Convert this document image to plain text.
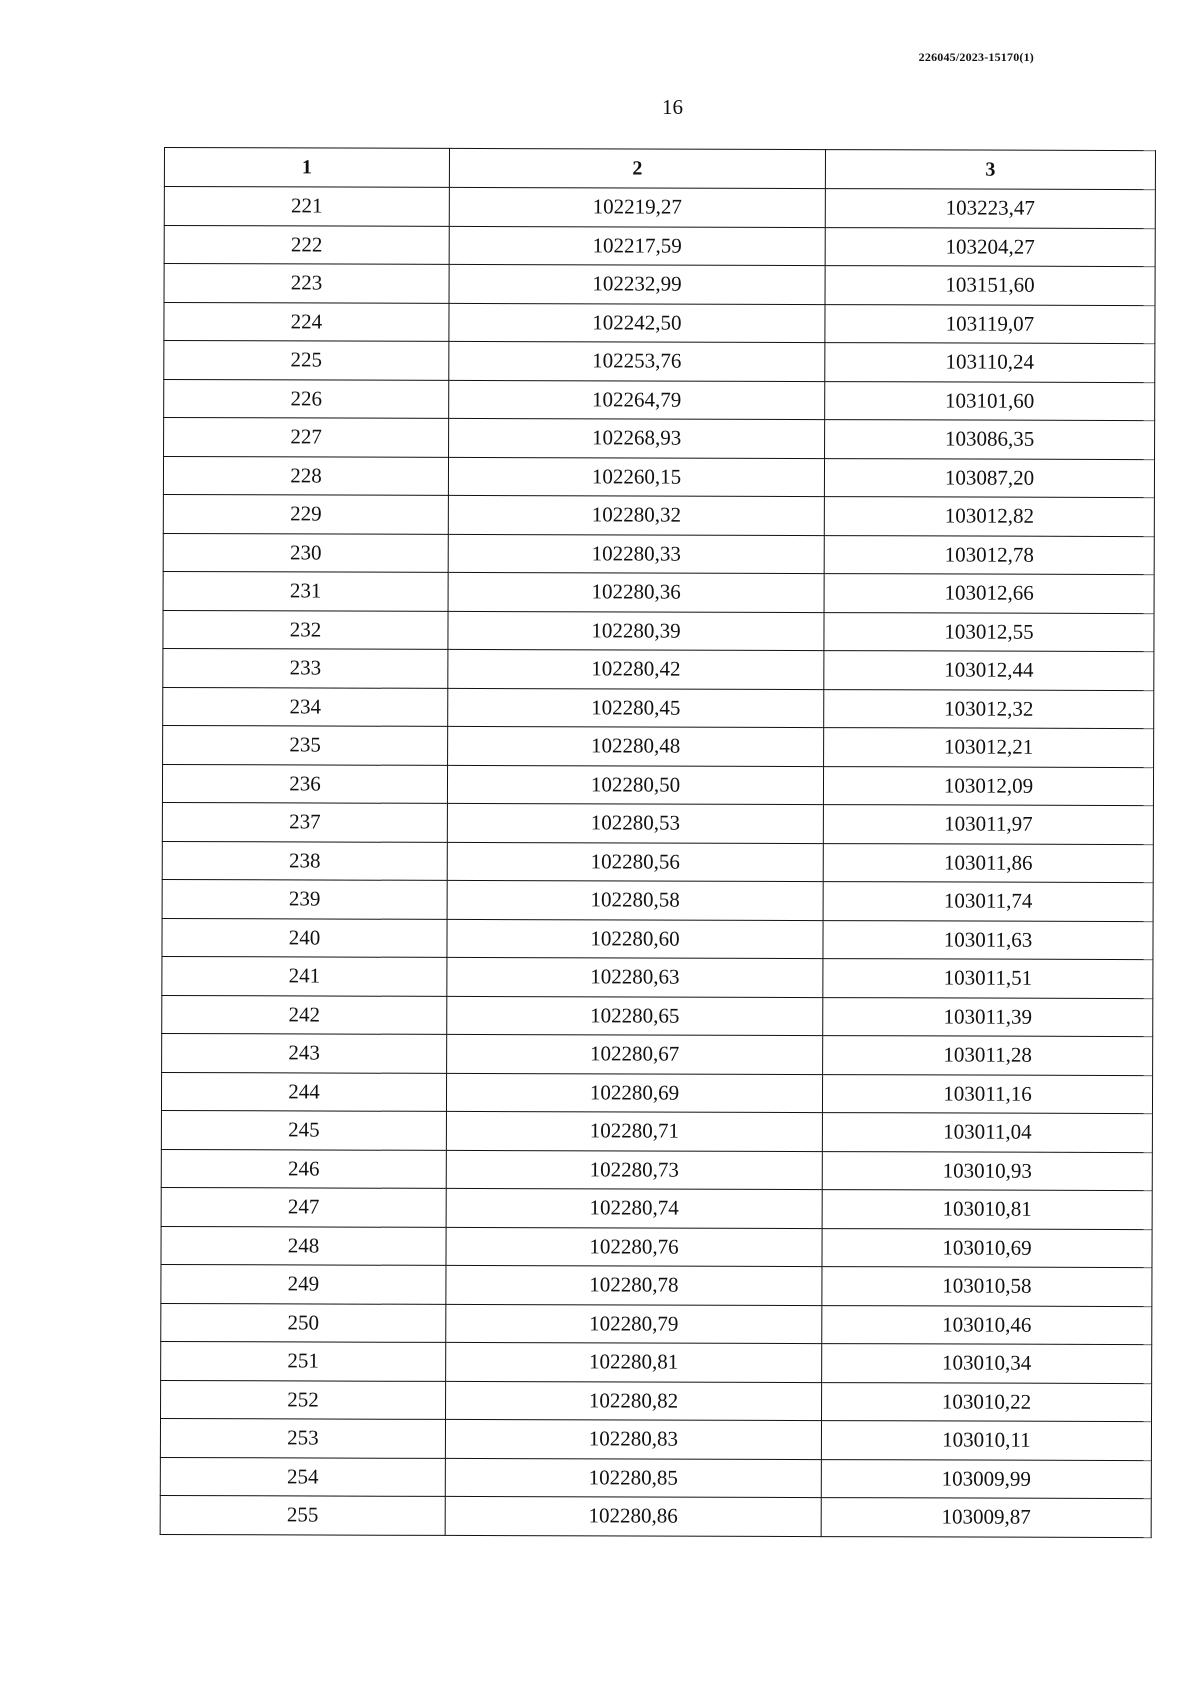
226045/2023-15170(1)
16
1	2	3
221	102219,27	103223,47
222	102217,59	103204,27
223	102232,99	103151,60
224	102242,50	103119,07
225	102253,76	103110,24
226	102264,79	103101,60
227	102268,93	103086,35
228	102260,15	103087,20
229	102280,32	103012,82
230	102280,33	103012,78
231	102280,36	103012,66
232	102280,39	103012,55
233	102280,42	103012,44
234	102280,45	103012,32
235	102280,48	103012,21
236	102280,50	103012,09
237	102280,53	103011,97
238	102280,56	103011,86
239	102280,58	103011,74
240	102280,60	103011,63
241	102280,63	103011,51
242	102280,65	103011,39
243	102280,67	103011,28
244	102280,69	103011,16
245	102280,71	103011,04
246	102280,73	103010,93
247	102280,74	103010,81
248	102280,76	103010,69
249	102280,78	103010,58
250	102280,79	103010,46
251	102280,81	103010,34
252	102280,82	103010,22
253	102280,83	103010,11
254	102280,85	103009,99
255	102280,86	103009,87
